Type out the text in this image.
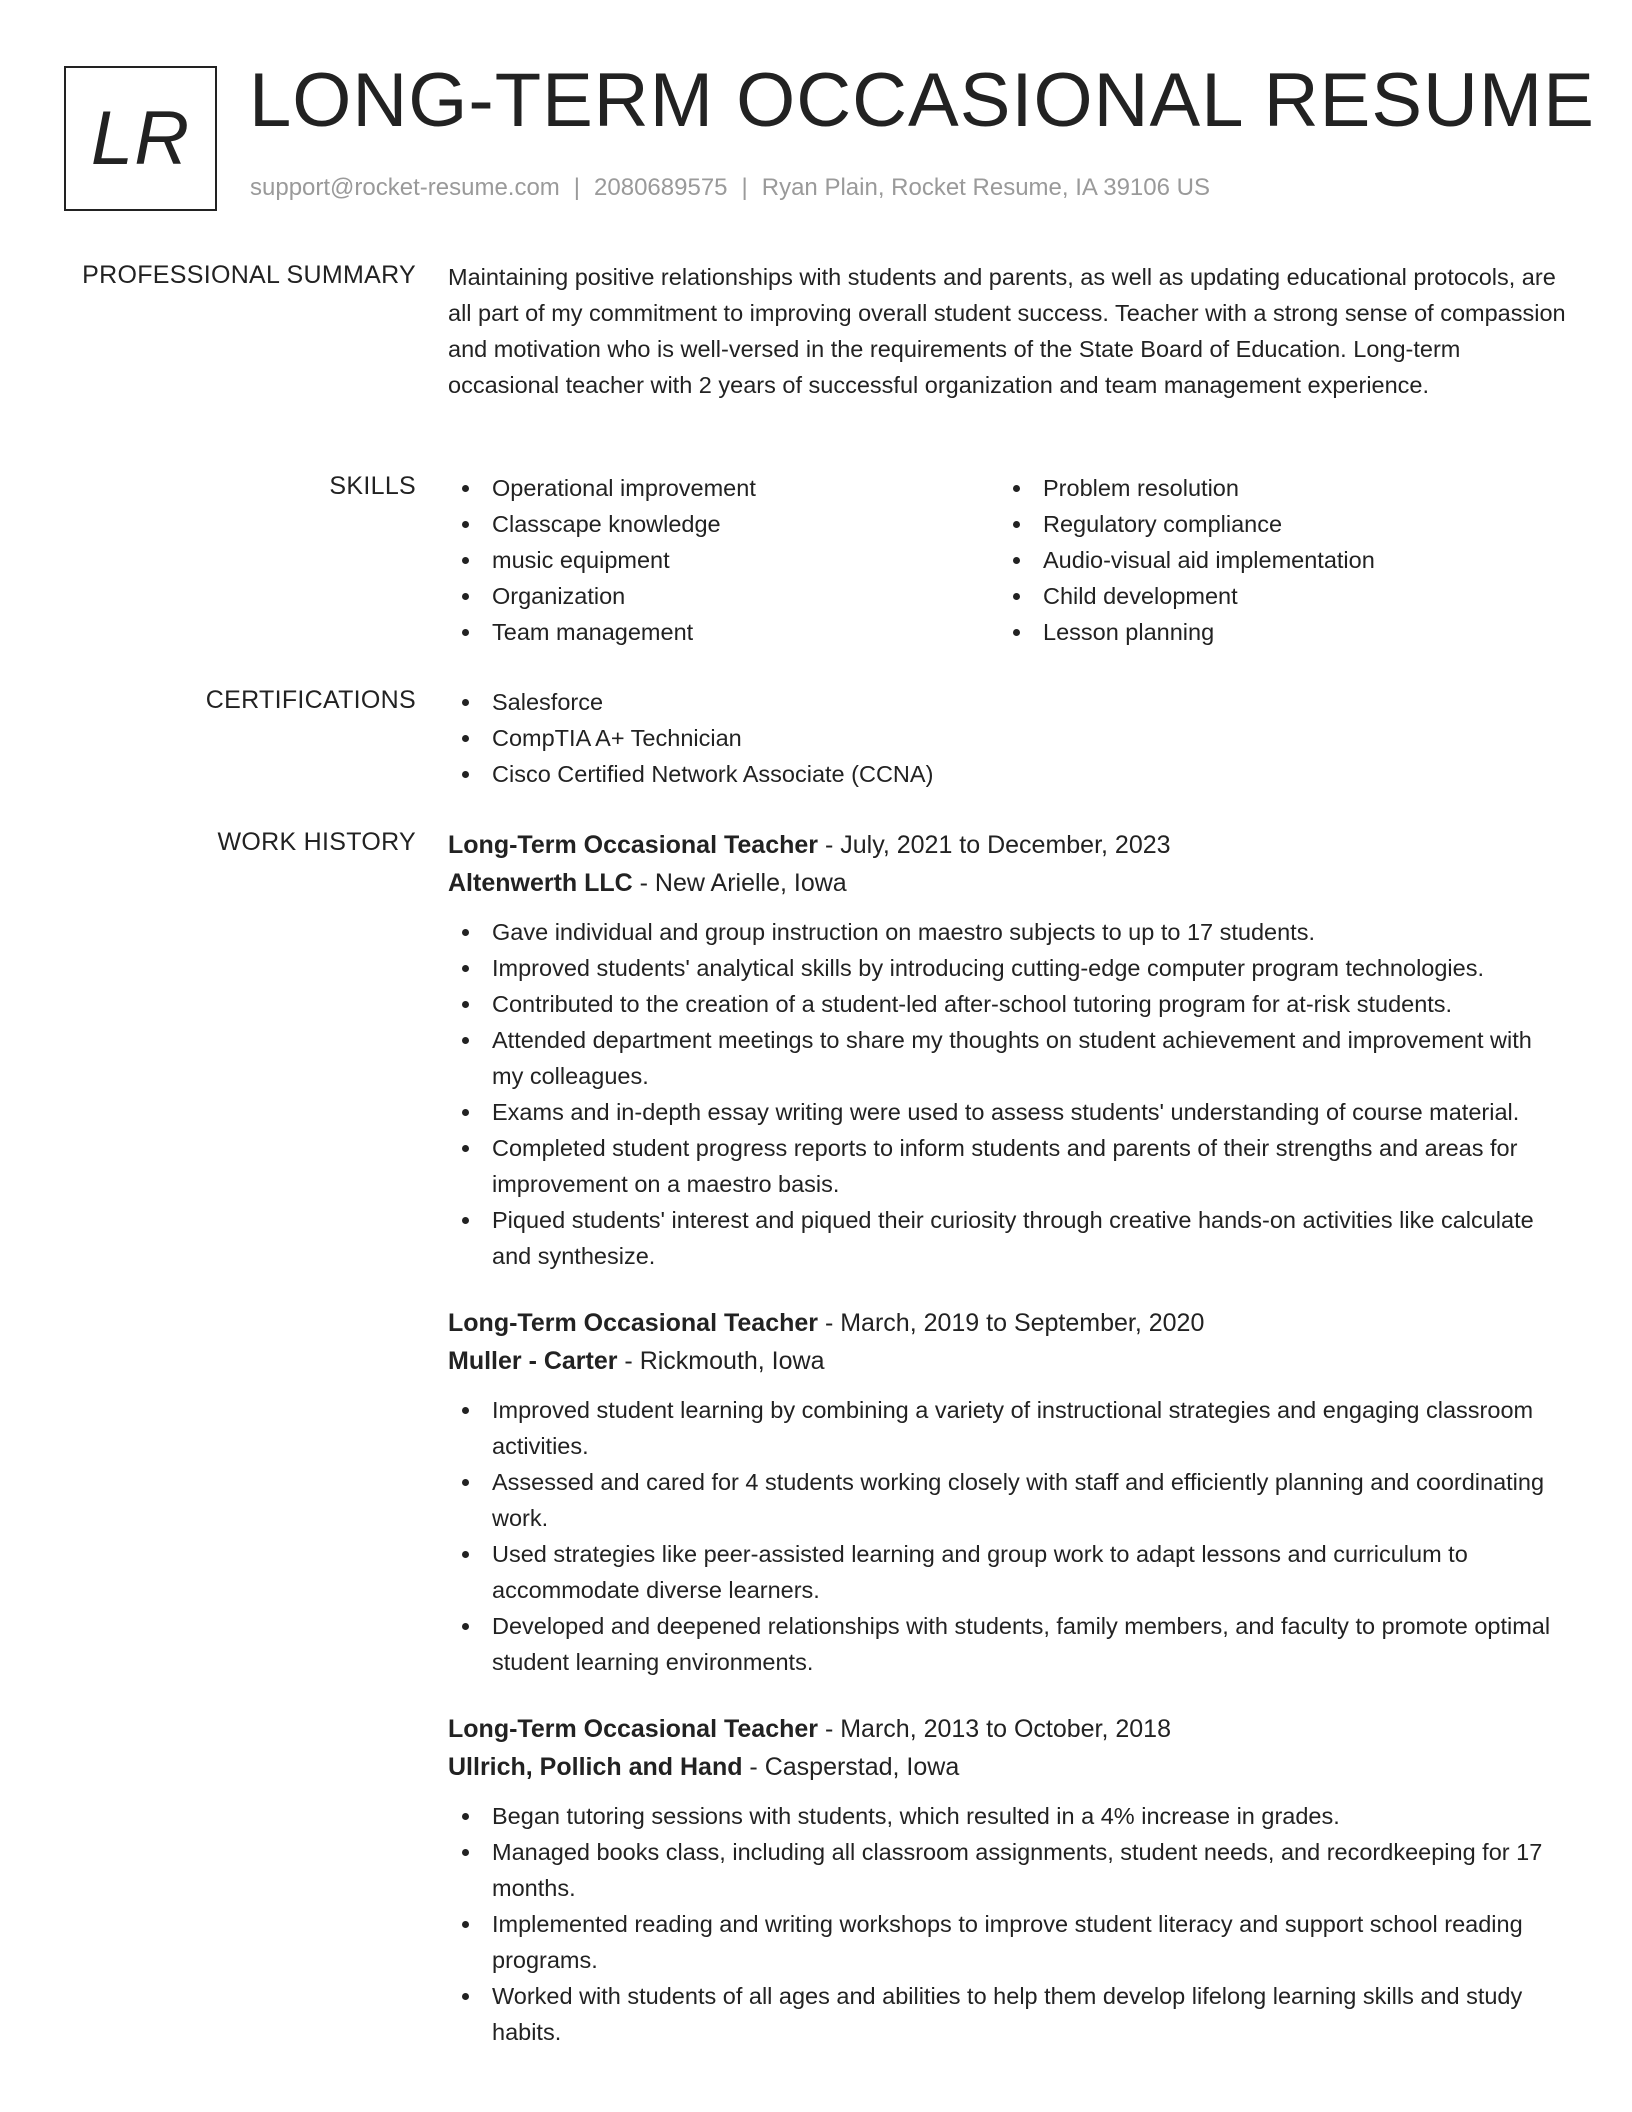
LR LONG-TERM OCCASIONAL RESUME
support@rocket-resume.com | 2080689575 | Ryan Plain, Rocket Resume, IA 39106 US
PROFESSIONAL SUMMARY Maintaining positive relationships with students and parents, as well as updating educational protocols, are all part of my commitment to improving overall student success. Teacher with a strong sense of compassion and motivation who is well-versed in the requirements of the State Board of Education. Long-term occasional teacher with 2 years of successful organization and team management experience.

SKILLS	Operational improvement
Classcape knowledge
music equipment
Organization
Team management
Problem resolution
Regulatory compliance
Audio-visual aid implementation
Child development
Lesson planning
CERTIFICATIONS	Salesforce
CompTIA A+ Technician
Cisco Certified Network Associate (CCNA)
WORK HISTORY Long-Term Occasional Teacher - July, 2021 to December, 2023
Altenwerth LLC - New Arielle, Iowa
Gave individual and group instruction on maestro subjects to up to 17 students.
Improved students' analytical skills by introducing cutting-edge computer program technologies.
Contributed to the creation of a student-led after-school tutoring program for at-risk students.
Attended department meetings to share my thoughts on student achievement and improvement with my colleagues.
Exams and in-depth essay writing were used to assess students' understanding of course material.
Completed student progress reports to inform students and parents of their strengths and areas for improvement on a maestro basis.
Piqued students' interest and piqued their curiosity through creative hands-on activities like calculate and synthesize.
Long-Term Occasional Teacher - March, 2019 to September, 2020
Muller - Carter - Rickmouth, Iowa
Improved student learning by combining a variety of instructional strategies and engaging classroom activities.
Assessed and cared for 4 students working closely with staff and efficiently planning and coordinating work.
Used strategies like peer-assisted learning and group work to adapt lessons and curriculum to accommodate diverse learners.
Developed and deepened relationships with students, family members, and faculty to promote optimal student learning environments.
Long-Term Occasional Teacher - March, 2013 to October, 2018
Ullrich, Pollich and Hand - Casperstad, Iowa
Began tutoring sessions with students, which resulted in a 4% increase in grades.
Managed books class, including all classroom assignments, student needs, and recordkeeping for 17 months.
Implemented reading and writing workshops to improve student literacy and support school reading programs.
Worked with students of all ages and abilities to help them develop lifelong learning skills and study habits.
